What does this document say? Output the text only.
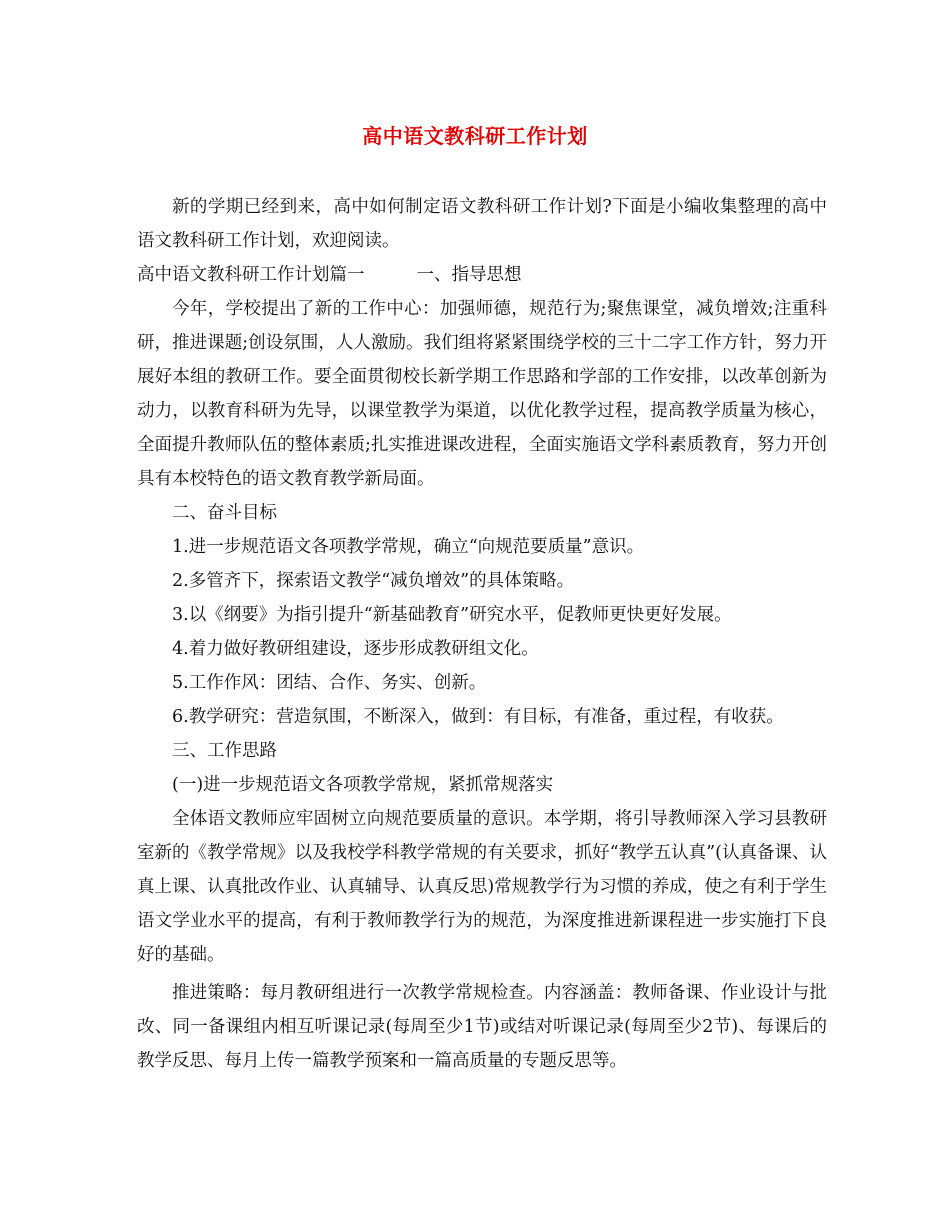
高中语文教科研工作计划

新的学期已经到来，高中如何制定语文教科研工作计划?下面是小编收集整理的高中语文教科研工作计划，欢迎阅读。

高中语文教科研工作计划篇一	一、指导思想

今年，学校提出了新的工作中心：加强师德，规范行为;聚焦课堂，减负增效;注重科研，推进课题;创设氛围，人人激励。我们组将紧紧围绕学校的三十二字工作方针，努力开展好本组的教研工作。要全面贯彻校长新学期工作思路和学部的工作安排，以改革创新为动力，以教育科研为先导，以课堂教学为渠道，以优化教学过程，提高教学质量为核心，全面提升教师队伍的整体素质;扎实推进课改进程，全面实施语文学科素质教育，努力开创具有本校特色的语文教育教学新局面。

二、奋斗目标

1.进一步规范语文各项教学常规，确立“向规范要质量”意识。

2.多管齐下，探索语文教学“减负增效”的具体策略。

3.以《纲要》为指引提升“新基础教育”研究水平，促教师更快更好发展。

4.着力做好教研组建设，逐步形成教研组文化。

5.工作作风：团结、合作、务实、创新。

6.教学研究：营造氛围，不断深入，做到：有目标，有准备，重过程，有收获。

三、工作思路

(一)进一步规范语文各项教学常规，紧抓常规落实

全体语文教师应牢固树立向规范要质量的意识。本学期，将引导教师深入学习县教研室新的《教学常规》以及我校学科教学常规的有关要求，抓好“教学五认真”(认真备课、认真上课、认真批改作业、认真辅导、认真反思)常规教学行为习惯的养成，使之有利于学生语文学业水平的提高，有利于教师教学行为的规范，为深度推进新课程进一步实施打下良好的基础。

推进策略：每月教研组进行一次教学常规检查。内容涵盖：教师备课、作业设计与批改、同一备课组内相互听课记录(每周至少1节)或结对听课记录(每周至少2节)、每课后的教学反思、每月上传一篇教学预案和一篇高质量的专题反思等。
